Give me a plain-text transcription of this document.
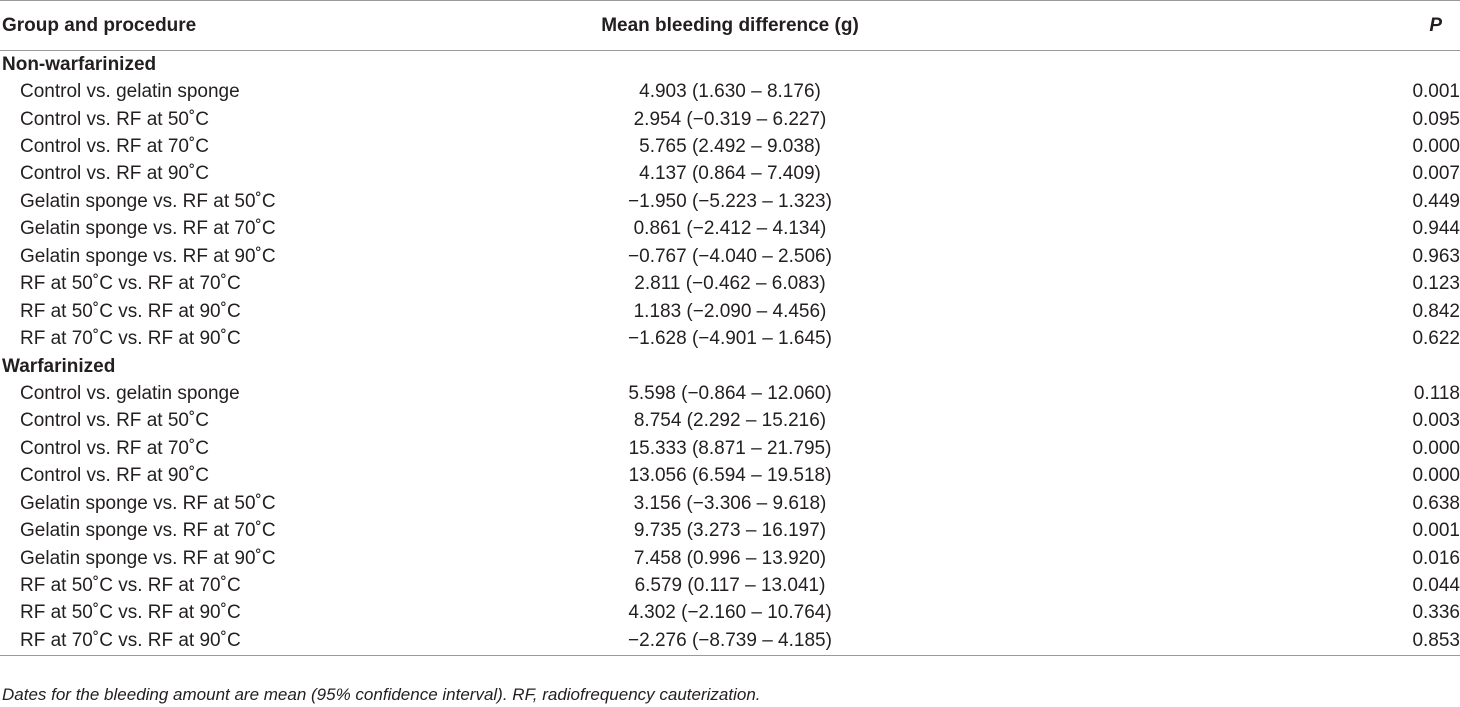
Group and procedure	Mean bleeding difference (g)	P
Non-warfarinized		
Control vs. gelatin sponge	4.903 (1.630 – 8.176)	0.001
Control vs. RF at 50˚C	2.954 (−0.319 – 6.227)	0.095
Control vs. RF at 70˚C	5.765 (2.492 – 9.038)	0.000
Control vs. RF at 90˚C	4.137 (0.864 – 7.409)	0.007
Gelatin sponge vs. RF at 50˚C	−1.950 (−5.223 – 1.323)	0.449
Gelatin sponge vs. RF at 70˚C	0.861 (−2.412 – 4.134)	0.944
Gelatin sponge vs. RF at 90˚C	−0.767 (−4.040 – 2.506)	0.963
RF at 50˚C vs. RF at 70˚C	2.811 (−0.462 – 6.083)	0.123
RF at 50˚C vs. RF at 90˚C	1.183 (−2.090 – 4.456)	0.842
RF at 70˚C vs. RF at 90˚C	−1.628 (−4.901 – 1.645)	0.622
Warfarinized		
Control vs. gelatin sponge	5.598 (−0.864 – 12.060)	0.118
Control vs. RF at 50˚C	8.754 (2.292 – 15.216)	0.003
Control vs. RF at 70˚C	15.333 (8.871 – 21.795)	0.000
Control vs. RF at 90˚C	13.056 (6.594 – 19.518)	0.000
Gelatin sponge vs. RF at 50˚C	3.156 (−3.306 – 9.618)	0.638
Gelatin sponge vs. RF at 70˚C	9.735 (3.273 – 16.197)	0.001
Gelatin sponge vs. RF at 90˚C	7.458 (0.996 – 13.920)	0.016
RF at 50˚C vs. RF at 70˚C	6.579 (0.117 – 13.041)	0.044
RF at 50˚C vs. RF at 90˚C	4.302 (−2.160 – 10.764)	0.336
RF at 70˚C vs. RF at 90˚C	−2.276 (−8.739 – 4.185)	0.853
Dates for the bleeding amount are mean (95% confidence interval). RF, radiofrequency cauterization.
